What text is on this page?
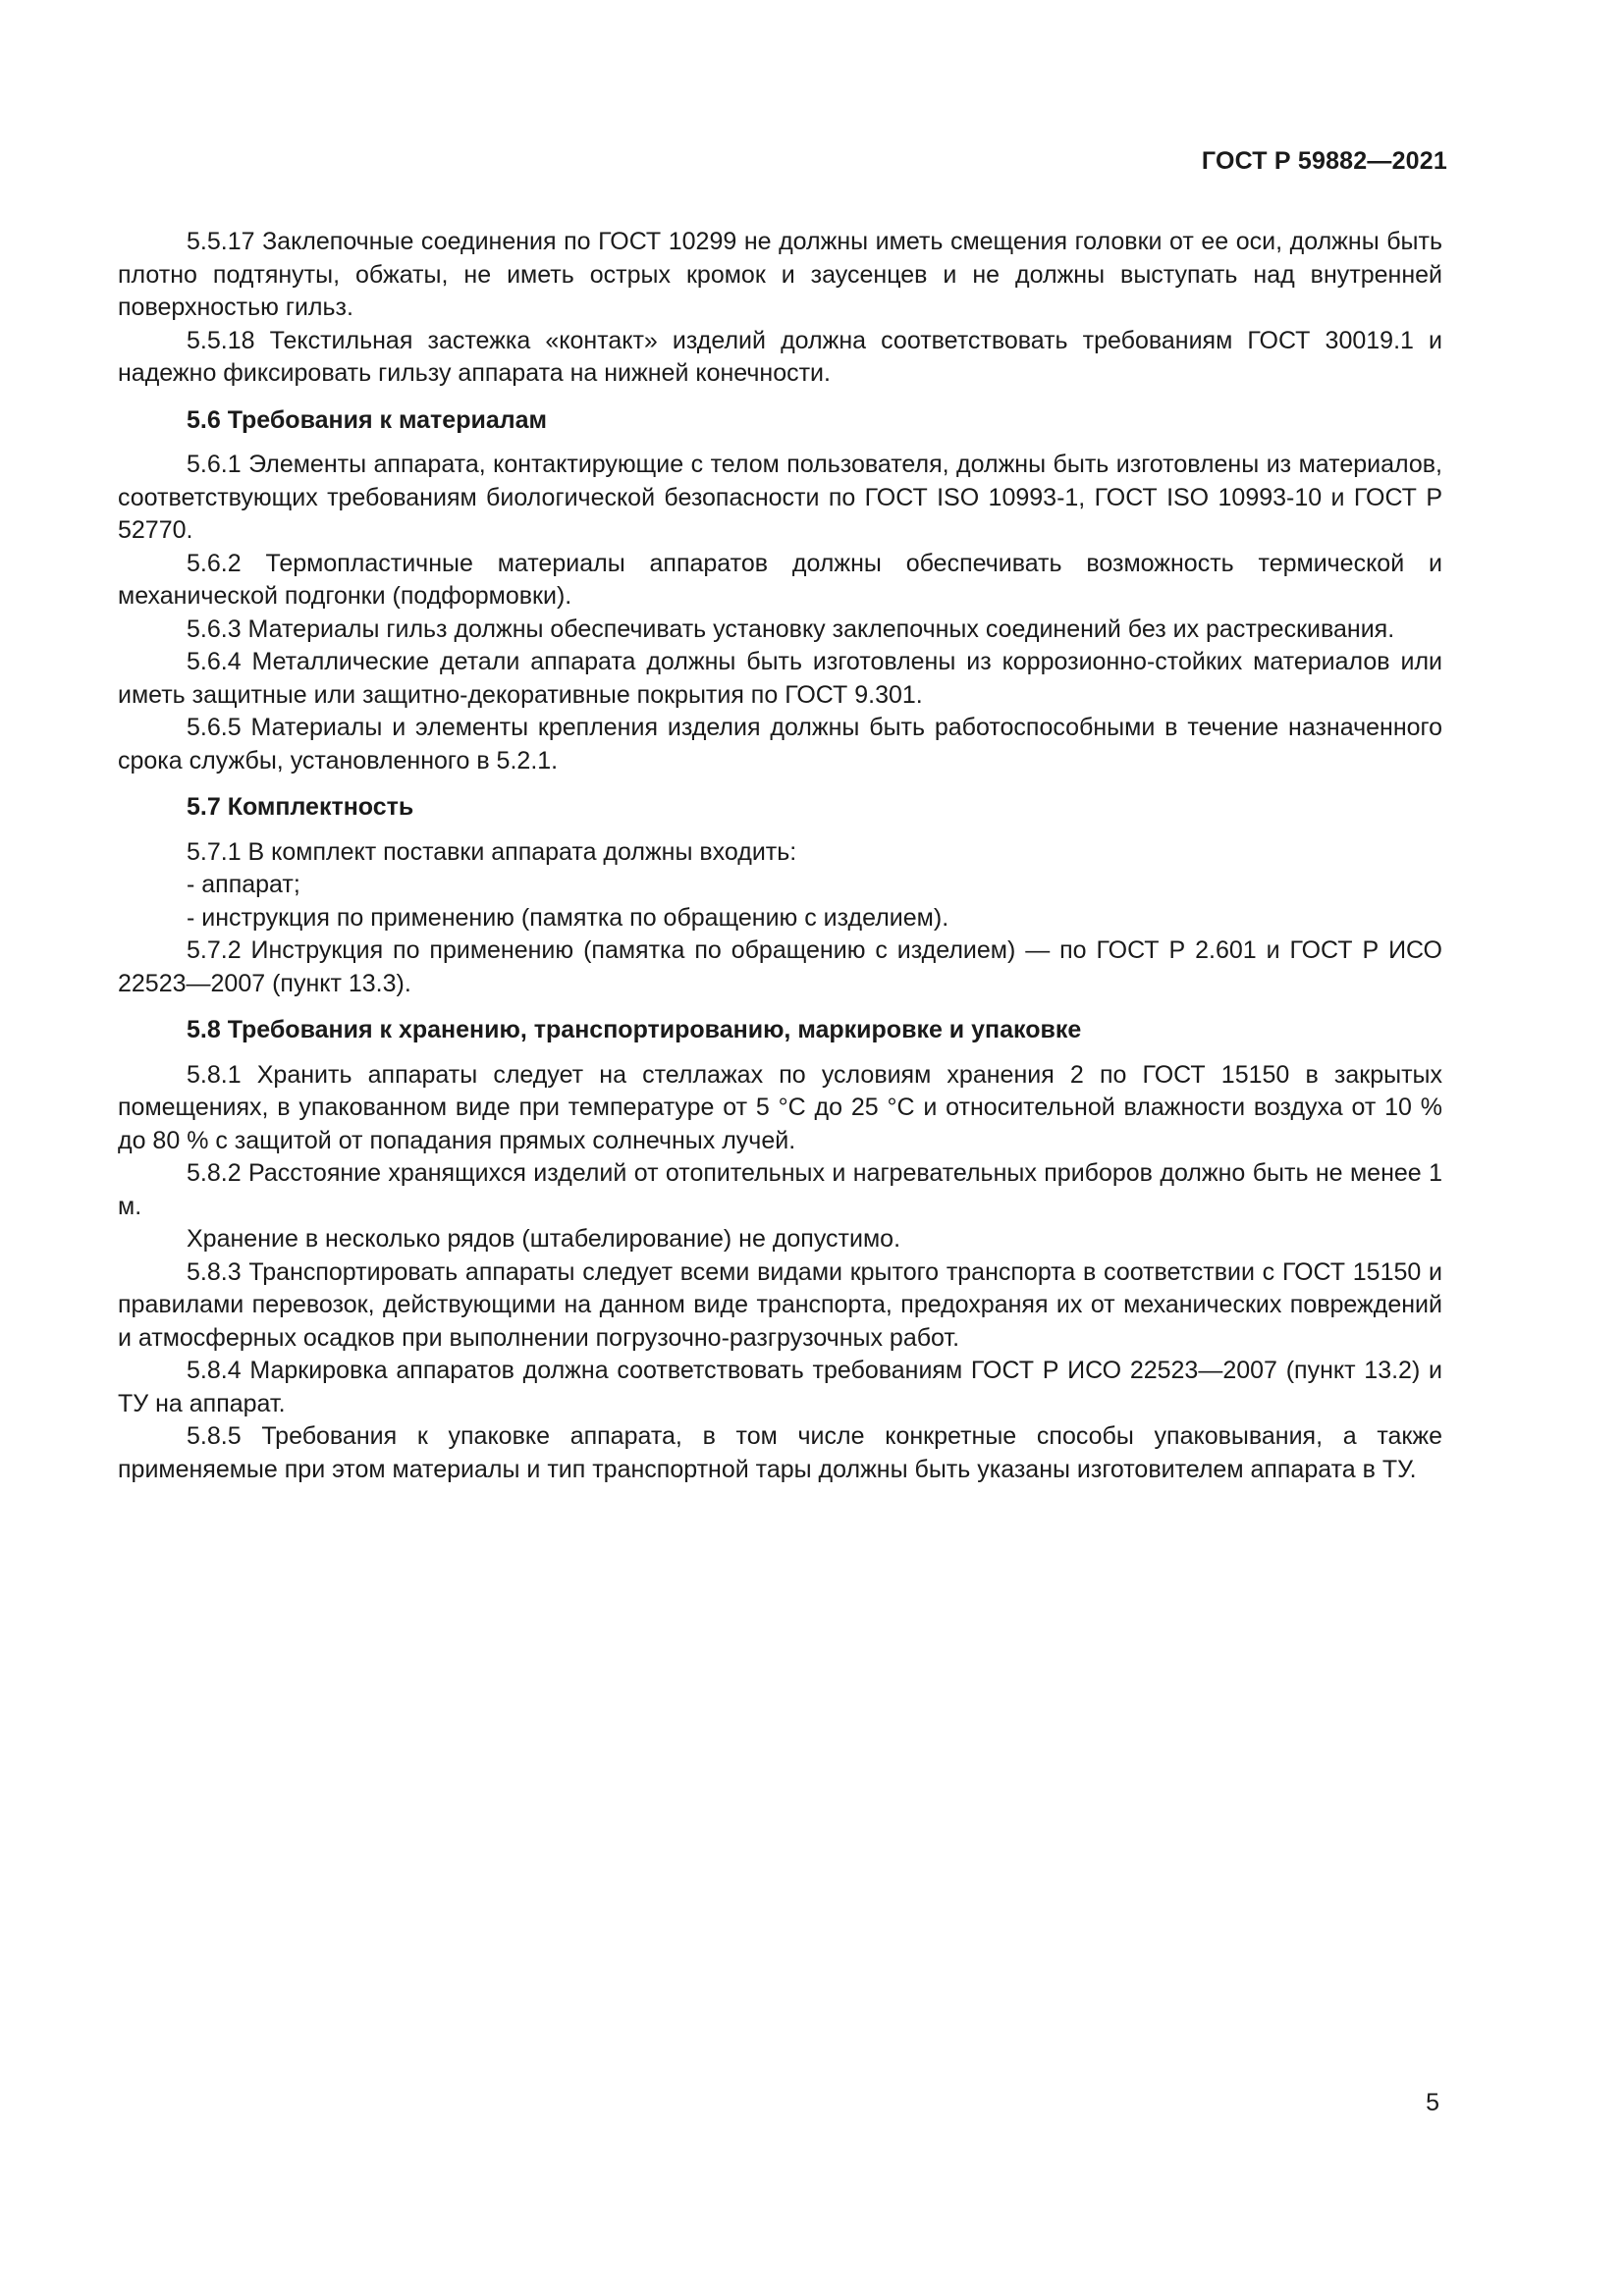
ГОСТ Р 59882—2021

5.5.17 Заклепочные соединения по ГОСТ 10299 не должны иметь смещения головки от ее оси, должны быть плотно подтянуты, обжаты, не иметь острых кромок и заусенцев и не должны выступать над внутренней поверхностью гильз.

5.5.18 Текстильная застежка «контакт» изделий должна соответствовать требованиям ГОСТ 30019.1 и надежно фиксировать гильзу аппарата на нижней конечности.

5.6 Требования к материалам

5.6.1 Элементы аппарата, контактирующие с телом пользователя, должны быть изготовлены из материалов, соответствующих требованиям биологической безопасности по ГОСТ ISO 10993-1, ГОСТ ISO 10993-10 и ГОСТ Р 52770.

5.6.2 Термопластичные материалы аппаратов должны обеспечивать возможность термической и механической подгонки (подформовки).

5.6.3 Материалы гильз должны обеспечивать установку заклепочных соединений без их растрескивания.

5.6.4 Металлические детали аппарата должны быть изготовлены из коррозионно-стойких материалов или иметь защитные или защитно-декоративные покрытия по ГОСТ 9.301.

5.6.5 Материалы и элементы крепления изделия должны быть работоспособными в течение назначенного срока службы, установленного в 5.2.1.

5.7 Комплектность

5.7.1 В комплект поставки аппарата должны входить:

- аппарат;

- инструкция по применению (памятка по обращению с изделием).

5.7.2 Инструкция по применению (памятка по обращению с изделием) — по ГОСТ Р 2.601 и ГОСТ Р ИСО 22523—2007 (пункт 13.3).

5.8 Требования к хранению, транспортированию, маркировке и упаковке

5.8.1 Хранить аппараты следует на стеллажах по условиям хранения 2 по ГОСТ 15150 в закрытых помещениях, в упакованном виде при температуре от 5 °С до 25 °С и относительной влажности воздуха от 10 % до 80 % с защитой от попадания прямых солнечных лучей.

5.8.2 Расстояние хранящихся изделий от отопительных и нагревательных приборов должно быть не менее 1 м.

Хранение в несколько рядов (штабелирование) не допустимо.

5.8.3 Транспортировать аппараты следует всеми видами крытого транспорта в соответствии с ГОСТ 15150 и правилами перевозок, действующими на данном виде транспорта, предохраняя их от механических повреждений и атмосферных осадков при выполнении погрузочно-разгрузочных работ.

5.8.4 Маркировка аппаратов должна соответствовать требованиям ГОСТ Р ИСО 22523—2007 (пункт 13.2) и ТУ на аппарат.

5.8.5 Требования к упаковке аппарата, в том числе конкретные способы упаковывания, а также применяемые при этом материалы и тип транспортной тары должны быть указаны изготовителем аппарата в ТУ.

5
